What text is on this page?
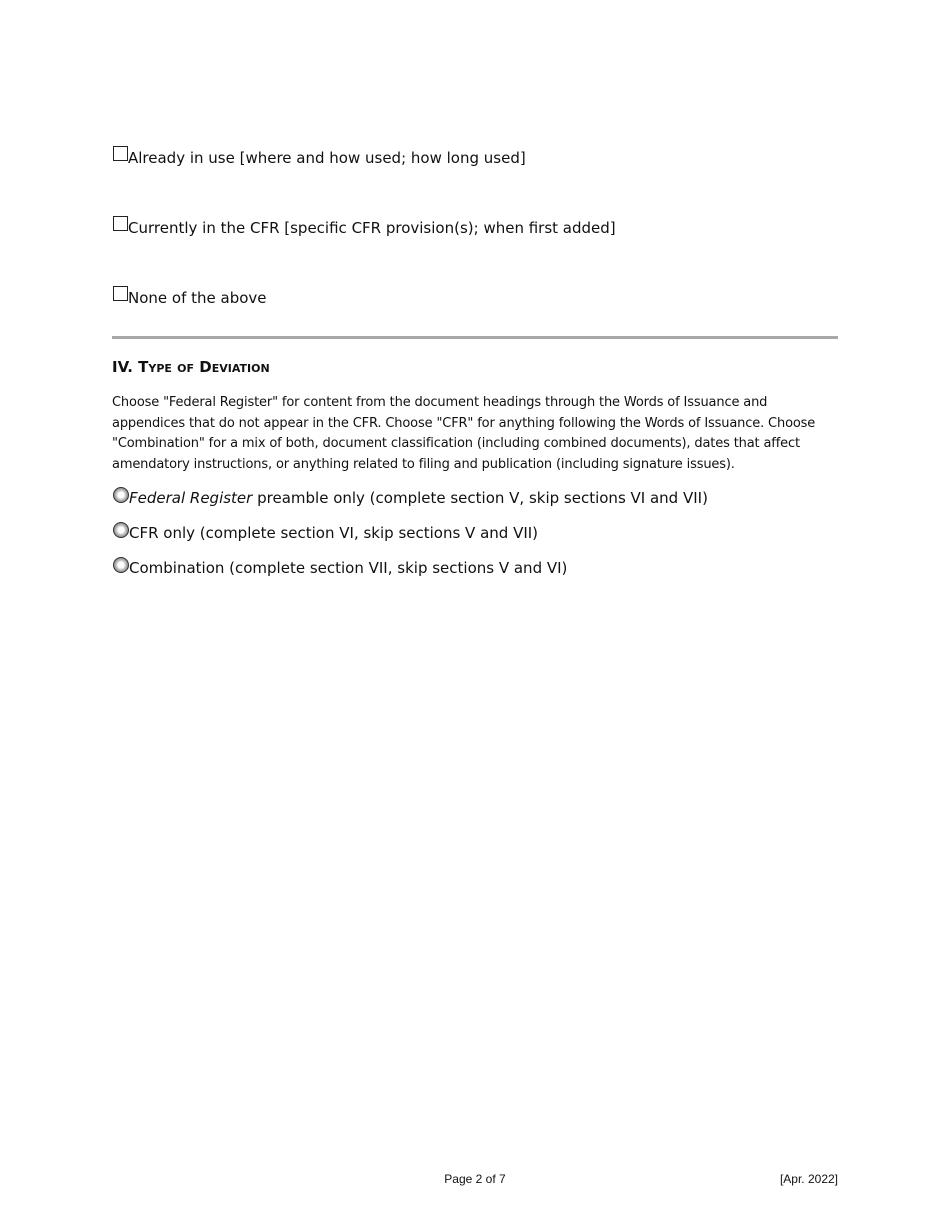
Already in use [where and how used; how long used]
Currently in the CFR [specific CFR provision(s); when first added]
None of the above
IV. Type of Deviation

Choose "Federal Register" for content from the document headings through the Words of Issuance and appendices that do not appear in the CFR. Choose "CFR" for anything following the Words of Issuance. Choose "Combination" for a mix of both, document classification (including combined documents), dates that affect amendatory instructions, or anything related to filing and publication (including signature issues).

Federal Register preamble only (complete section V, skip sections VI and VII)
CFR only (complete section VI, skip sections V and VII)
Combination (complete section VII, skip sections V and VI)
Page 2 of 7	[Apr. 2022]
